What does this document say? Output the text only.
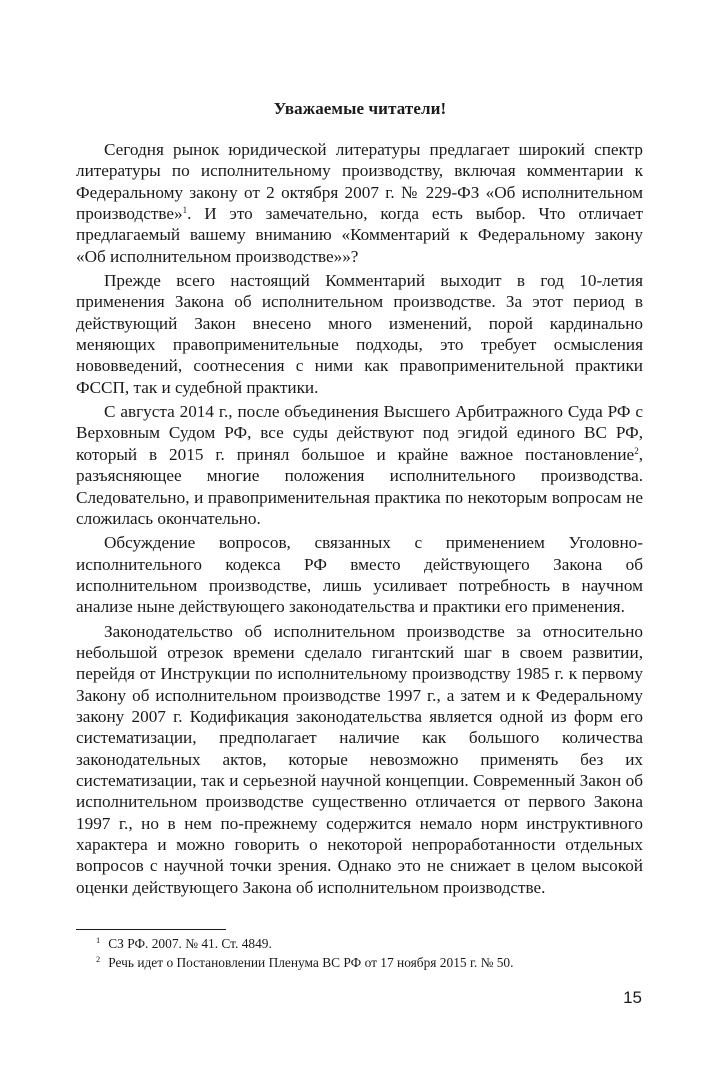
Уважаемые читатели!

Сегодня рынок юридической литературы предлагает широкий спектр литературы по исполнительному производству, включая комментарии к Федеральному закону от 2 октября 2007 г. № 229-ФЗ «Об исполнительном производстве»$^1$. И это замечательно, когда есть выбор. Что отличает предлагаемый вашему вниманию «Комментарий к Федеральному закону «Об исполнительном производстве»»?

Прежде всего настоящий Комментарий выходит в год 10-летия применения Закона об исполнительном производстве. За этот период в действующий Закон внесено много изменений, порой кардинально меняющих правоприменительные подходы, это требует осмысления нововведений, соотнесения с ними как правоприменительной практики ФССП, так и судебной практики.

С августа 2014 г., после объединения Высшего Арбитражного Суда РФ с Верховным Судом РФ, все суды действуют под эгидой единого ВС РФ, который в 2015 г. принял большое и крайне важное постановление$^2$, разъясняющее многие положения исполнительного производства. Следовательно, и правоприменительная практика по некоторым вопросам не сложилась окончательно.

Обсуждение вопросов, связанных с применением Уголовно-исполнительного кодекса РФ вместо действующего Закона об исполнительном производстве, лишь усиливает потребность в научном анализе ныне действующего законодательства и практики его применения.

Законодательство об исполнительном производстве за относительно небольшой отрезок времени сделало гигантский шаг в своем развитии, перейдя от Инструкции по исполнительному производству 1985 г. к первому Закону об исполнительном производстве 1997 г., а затем и к Федеральному закону 2007 г. Кодификация законодательства является одной из форм его систематизации, предполагает наличие как большого количества законодательных актов, которые невозможно применять без их систематизации, так и серьезной научной концепции. Современный Закон об исполнительном производстве существенно отличается от первого Закона 1997 г., но в нем по-прежнему содержится немало норм инструктивного характера и можно говорить о некоторой непроработанности отдельных вопросов с научной точки зрения. Однако это не снижает в целом высокой оценки действующего Закона об исполнительном производстве.

$^1$ СЗ РФ. 2007. № 41. Ст. 4849.
$^2$ Речь идет о Постановлении Пленума ВС РФ от 17 ноября 2015 г. № 50.
15
